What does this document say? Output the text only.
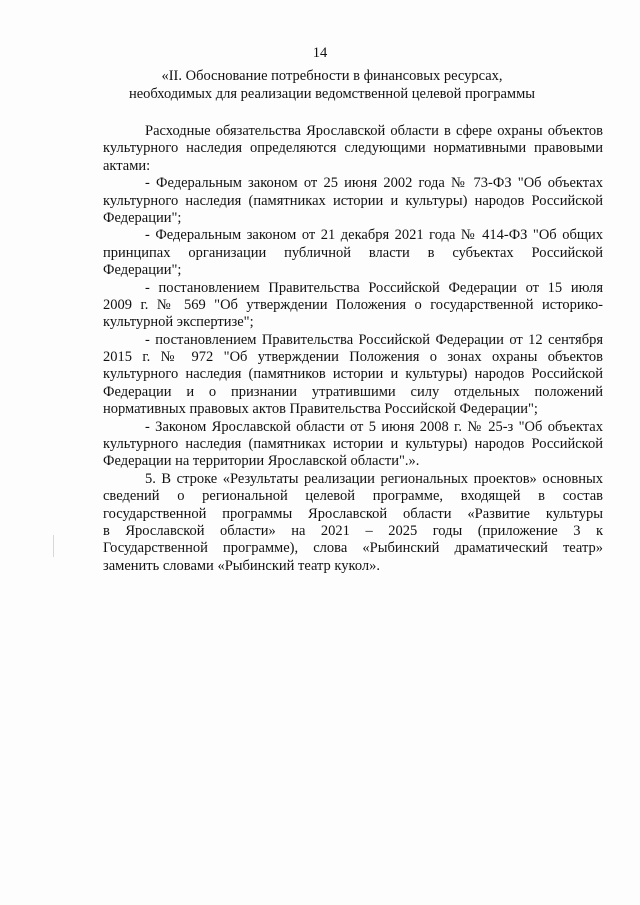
14
«II. Обоснование потребности в финансовых ресурсах,
необходимых для реализации ведомственной целевой программы
Расходные обязательства Ярославской области в сфере охраны объектов
культурного наследия определяются следующими нормативными правовыми
актами:
- Федеральным законом от 25 июня 2002 года № 73-ФЗ "Об объектах
культурного наследия (памятниках истории и культуры) народов Российской
Федерации";
- Федеральным законом от 21 декабря 2021 года № 414-ФЗ "Об общих
принципах организации публичной власти в субъектах Российской
Федерации";
- постановлением Правительства Российской Федерации от 15 июля
2009 г. № 569 "Об утверждении Положения о государственной историко-
культурной экспертизе";
- постановлением Правительства Российской Федерации от 12 сентября
2015 г. № 972 "Об утверждении Положения о зонах охраны объектов
культурного наследия (памятников истории и культуры) народов Российской
Федерации и о признании утратившими силу отдельных положений
нормативных правовых актов Правительства Российской Федерации";
- Законом Ярославской области от 5 июня 2008 г. № 25-з "Об объектах
культурного наследия (памятниках истории и культуры) народов Российской
Федерации на территории Ярославской области".».
5. В строке «Результаты реализации региональных проектов» основных
сведений о региональной целевой программе, входящей в состав
государственной программы Ярославской области «Развитие культуры
в Ярославской области» на 2021 – 2025 годы (приложение 3 к
Государственной программе), слова «Рыбинский драматический театр»
заменить словами «Рыбинский театр кукол».
